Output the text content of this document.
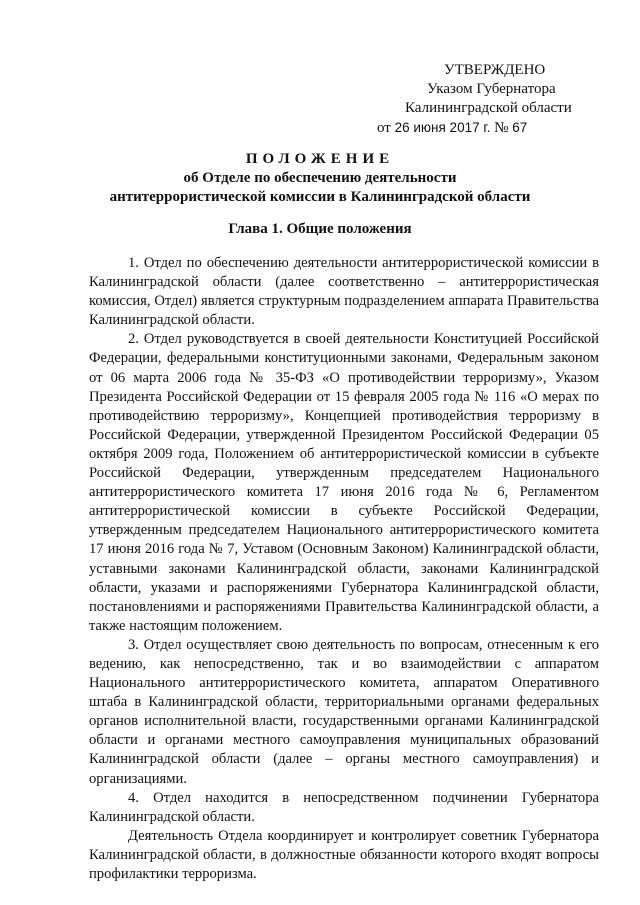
УТВЕРЖДЕНО
Указом Губернатора
Калининградской области
от 26 июня 2017 г. № 67
ПОЛОЖЕНИЕ
об Отделе по обеспечению деятельности
антитеррористической комиссии в Калининградской области
Глава 1. Общие положения

1. Отдел по обеспечению деятельности антитеррористической комиссии в Калининградской области (далее соответственно – антитеррористическая комиссия, Отдел) является структурным подразделением аппарата Правительства Калининградской области.

2. Отдел руководствуется в своей деятельности Конституцией Российской Федерации, федеральными конституционными законами, Федеральным законом от 06 марта 2006 года № 35-ФЗ «О противодействии терроризму», Указом Президента Российской Федерации от 15 февраля 2005 года № 116 «О мерах по противодействию терроризму», Концепцией противодействия терроризму в Российской Федерации, утвержденной Президентом Российской Федерации 05 октября 2009 года, Положением об антитеррористической комиссии в субъекте Российской Федерации, утвержденным председателем Национального антитеррористического комитета 17 июня 2016 года № 6, Регламентом антитеррористической комиссии в субъекте Российской Федерации, утвержденным председателем Национального антитеррористического комитета 17 июня 2016 года № 7, Уставом (Основным Законом) Калининградской области, уставными законами Калининградской области, законами Калининградской области, указами и распоряжениями Губернатора Калининградской области, постановлениями и распоряжениями Правительства Калининградской области, а также настоящим положением.

3. Отдел осуществляет свою деятельность по вопросам, отнесенным к его ведению, как непосредственно, так и во взаимодействии с аппаратом Национального антитеррористического комитета, аппаратом Оперативного штаба в Калининградской области, территориальными органами федеральных органов исполнительной власти, государственными органами Калининградской области и органами местного самоуправления муниципальных образований Калининградской области (далее – органы местного самоуправления) и организациями.

4. Отдел находится в непосредственном подчинении Губернатора Калининградской области.

Деятельность Отдела координирует и контролирует советник Губернатора Калининградской области, в должностные обязанности которого входят вопросы профилактики терроризма.
